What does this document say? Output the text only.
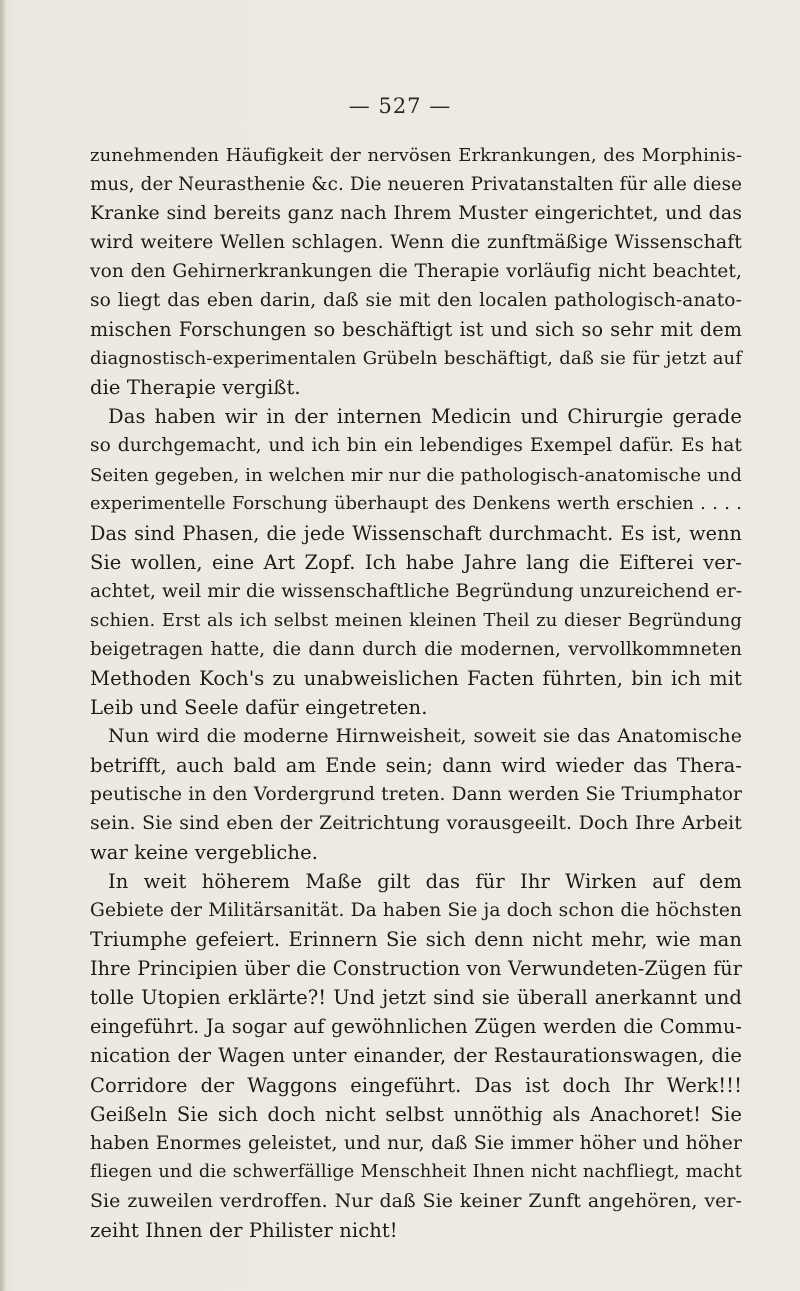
— 527 —
zunehmenden Häufigkeit der nervösen Erkrankungen, des Morphinis-
mus, der Neurasthenie &c. Die neueren Privatanstalten für alle diese
Kranke sind bereits ganz nach Ihrem Muster eingerichtet, und das
wird weitere Wellen schlagen. Wenn die zunftmäßige Wissenschaft
von den Gehirnerkrankungen die Therapie vorläufig nicht beachtet,
so liegt das eben darin, daß sie mit den localen pathologisch-anato-
mischen Forschungen so beschäftigt ist und sich so sehr mit dem
diagnostisch-experimentalen Grübeln beschäftigt, daß sie für jetzt auf
die Therapie vergißt.
Das haben wir in der internen Medicin und Chirurgie gerade
so durchgemacht, und ich bin ein lebendiges Exempel dafür. Es hat
Seiten gegeben, in welchen mir nur die pathologisch-anatomische und
experimentelle Forschung überhaupt des Denkens werth erschien . . . .
Das sind Phasen, die jede Wissenschaft durchmacht. Es ist, wenn
Sie wollen, eine Art Zopf. Ich habe Jahre lang die Eifterei ver-
achtet, weil mir die wissenschaftliche Begründung unzureichend er-
schien. Erst als ich selbst meinen kleinen Theil zu dieser Begründung
beigetragen hatte, die dann durch die modernen, vervollkommneten
Methoden Koch's zu unabweislichen Facten führten, bin ich mit
Leib und Seele dafür eingetreten.
Nun wird die moderne Hirnweisheit, soweit sie das Anatomische
betrifft, auch bald am Ende sein; dann wird wieder das Thera-
peutische in den Vordergrund treten. Dann werden Sie Triumphator
sein. Sie sind eben der Zeitrichtung vorausgeeilt. Doch Ihre Arbeit
war keine vergebliche.
In weit höherem Maße gilt das für Ihr Wirken auf dem
Gebiete der Militärsanität. Da haben Sie ja doch schon die höchsten
Triumphe gefeiert. Erinnern Sie sich denn nicht mehr, wie man
Ihre Principien über die Construction von Verwundeten-Zügen für
tolle Utopien erklärte?! Und jetzt sind sie überall anerkannt und
eingeführt. Ja sogar auf gewöhnlichen Zügen werden die Commu-
nication der Wagen unter einander, der Restaurationswagen, die
Corridore der Waggons eingeführt. Das ist doch Ihr Werk!!!
Geißeln Sie sich doch nicht selbst unnöthig als Anachoret! Sie
haben Enormes geleistet, und nur, daß Sie immer höher und höher
fliegen und die schwerfällige Menschheit Ihnen nicht nachfliegt, macht
Sie zuweilen verdroffen. Nur daß Sie keiner Zunft angehören, ver-
zeiht Ihnen der Philister nicht!
